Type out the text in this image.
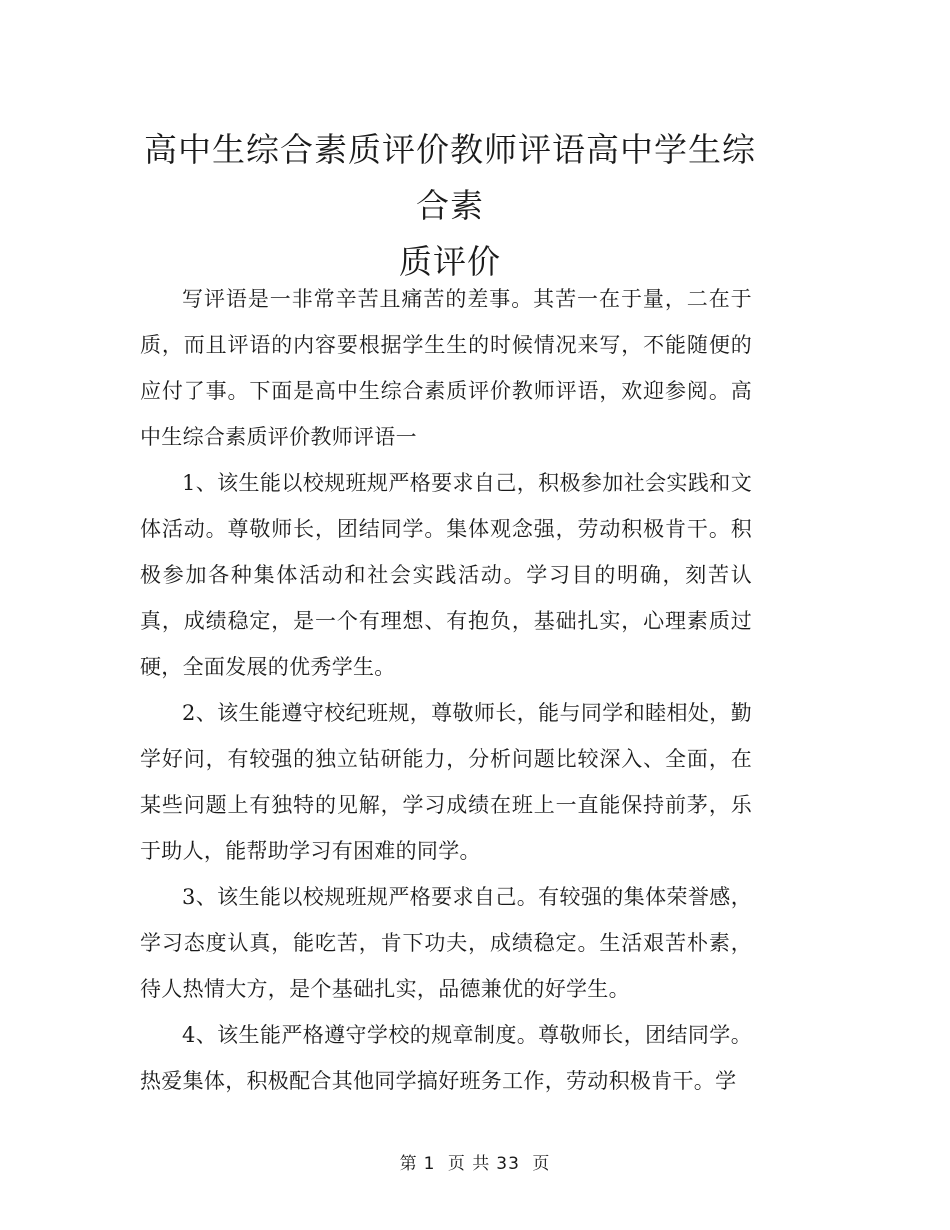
高中生综合素质评价教师评语高中学生综合素
质评价

写评语是一非常辛苦且痛苦的差事。其苦一在于量，二在于质，而且评语的内容要根据学生生的时候情况来写，不能随便的应付了事。下面是高中生综合素质评价教师评语，欢迎参阅。高中生综合素质评价教师评语一

1、该生能以校规班规严格要求自己，积极参加社会实践和文体活动。尊敬师长，团结同学。集体观念强，劳动积极肯干。积极参加各种集体活动和社会实践活动。学习目的明确，刻苦认真，成绩稳定，是一个有理想、有抱负，基础扎实，心理素质过硬，全面发展的优秀学生。

2、该生能遵守校纪班规，尊敬师长，能与同学和睦相处，勤学好问，有较强的独立钻研能力，分析问题比较深入、全面，在某些问题上有独特的见解，学习成绩在班上一直能保持前茅，乐于助人，能帮助学习有困难的同学。

3、该生能以校规班规严格要求自己。有较强的集体荣誉感，学习态度认真，能吃苦，肯下功夫，成绩稳定。生活艰苦朴素，待人热情大方，是个基础扎实，品德兼优的好学生。

4、该生能严格遵守学校的规章制度。尊敬师长，团结同学。热爱集体，积极配合其他同学搞好班务工作，劳动积极肯干。学

第 1 页 共 33 页
